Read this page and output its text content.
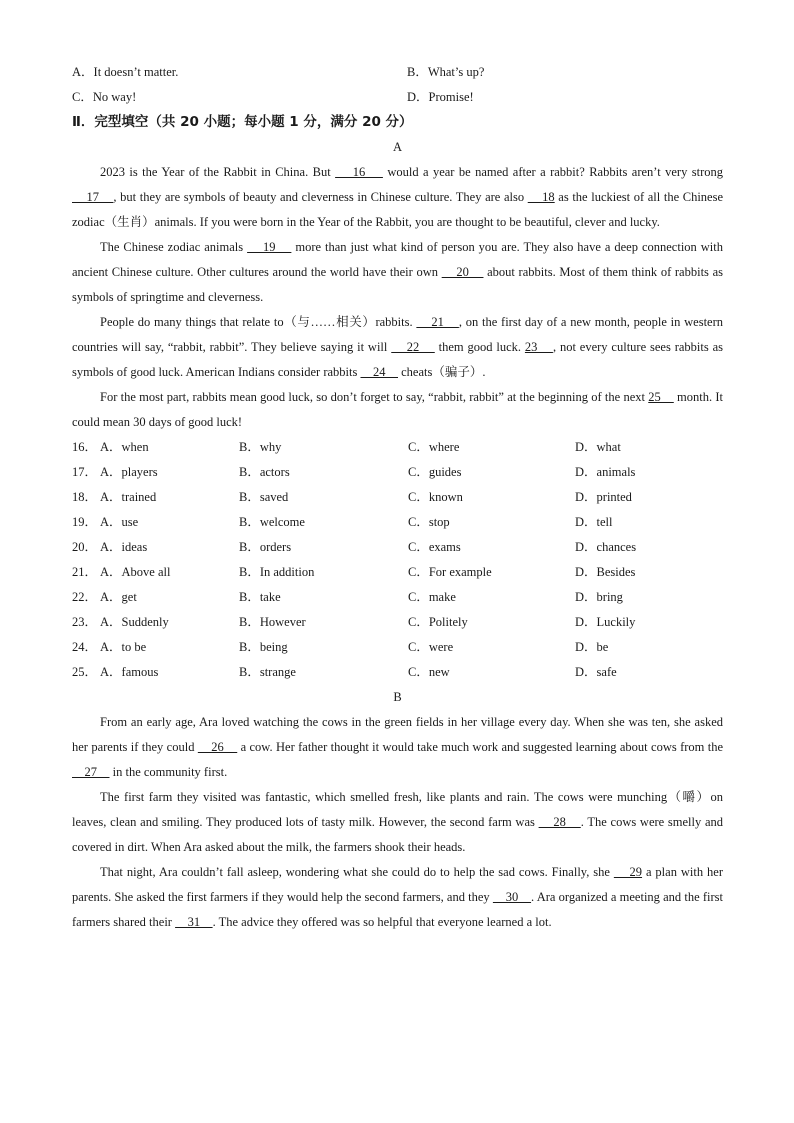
A．It doesn’t matter.	B．What’s up?
C．No way!	D．Promise!
Ⅱ．完型填空（共 20 小题；每小题 1 分，满分 20 分）
A

2023 is the Year of the Rabbit in China. But     16     would a year be named after a rabbit? Rabbits aren’t very strong     17    , but they are symbols of beauty and cleverness in Chinese culture. They are also     18 as the luckiest of all the Chinese zodiac（生肖）animals. If you were born in the Year of the Rabbit, you are thought to be beautiful, clever and lucky.

The Chinese zodiac animals     19     more than just what kind of person you are. They also have a deep connection with ancient Chinese culture. Other cultures around the world have their own     20     about rabbits. Most of them think of rabbits as symbols of springtime and cleverness.

People do many things that relate to（与……相关）rabbits.     21    , on the first day of a new month, people in western countries will say, “rabbit, rabbit”. They believe saying it will     22     them good luck. 23    , not every culture sees rabbits as symbols of good luck. American Indians consider rabbits     24     cheats（骗子）.

For the most part, rabbits mean good luck, so don’t forget to say, “rabbit, rabbit” at the beginning of the next 25     month. It could mean 30 days of good luck!

16． A．when	B．why	C．where	D．what
17． A．players	B．actors	C．guides	D．animals
18． A．trained	B．saved	C．known	D．printed
19． A．use	B．welcome	C．stop	D．tell
20． A．ideas	B．orders	C．exams	D．chances
21． A．Above all	B．In addition	C．For example	D．Besides
22． A．get	B．take	C．make	D．bring
23． A．Suddenly	B．However	C．Politely	D．Luckily
24． A．to be	B．being	C．were	D．be
25． A．famous	B．strange	C．new	D．safe
B

From an early age, Ara loved watching the cows in the green fields in her village every day. When she was ten, she asked her parents if they could     26     a cow. Her father thought it would take much work and suggested learning about cows from the     27     in the community first.

The first farm they visited was fantastic, which smelled fresh, like plants and rain. The cows were munching（嚼）on leaves, clean and smiling. They produced lots of tasty milk. However, the second farm was     28    . The cows were smelly and covered in dirt. When Ara asked about the milk, the farmers shook their heads.

That night, Ara couldn’t fall asleep, wondering what she could do to help the sad cows. Finally, she     29 a plan with her parents. She asked the first farmers if they would help the second farmers, and they     30    . Ara organized a meeting and the first farmers shared their     31    . The advice they offered was so helpful that everyone learned a lot.
